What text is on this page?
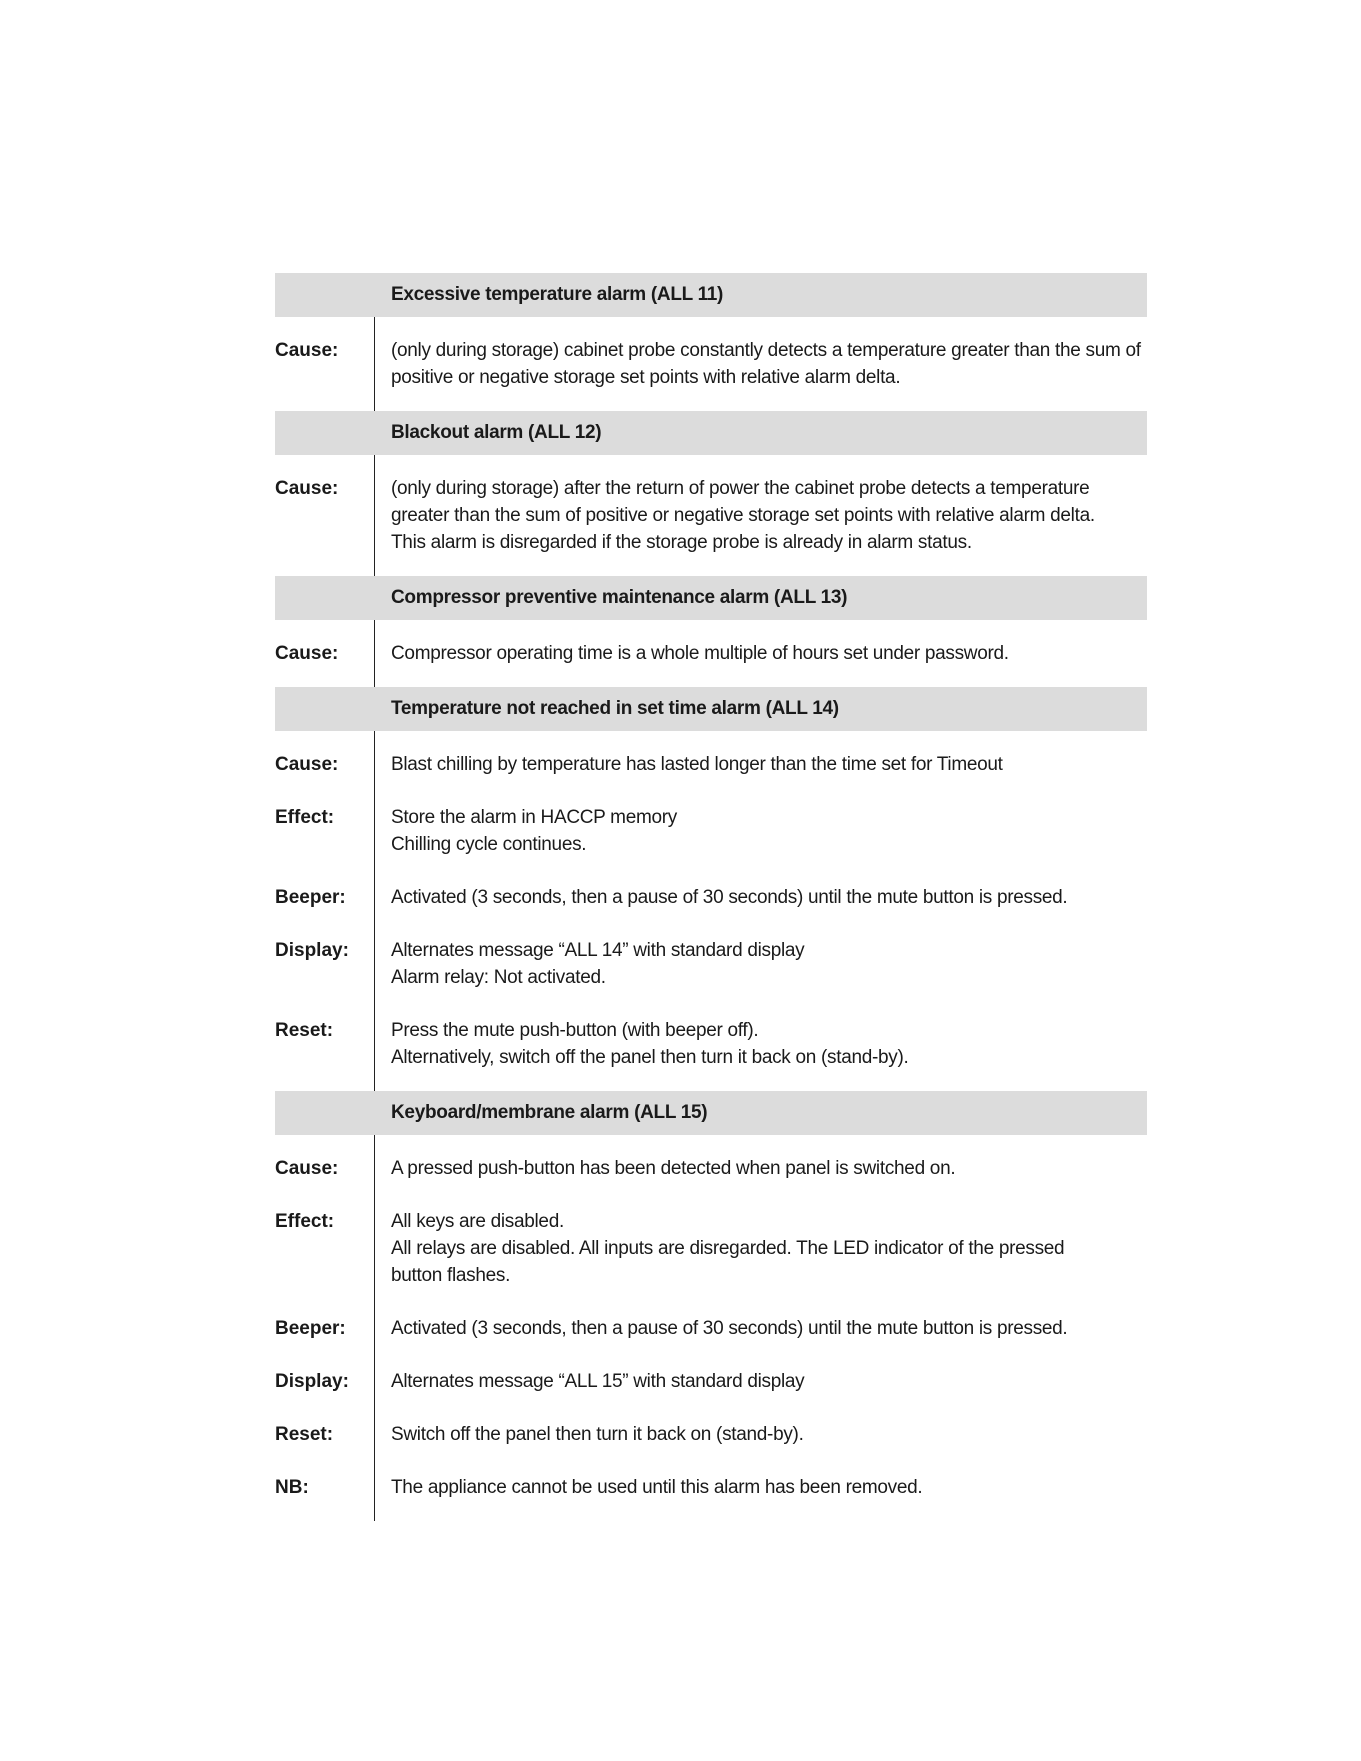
Excessive temperature alarm (ALL 11)
Cause:	(only during storage) cabinet probe constantly detects a temperature greater than the sum of
positive or negative storage set points with relative alarm delta.
Blackout alarm (ALL 12)
Cause:	(only during storage) after the return of power the cabinet probe detects a temperature
greater than the sum of positive or negative storage set points with relative alarm delta.
This alarm is disregarded if the storage probe is already in alarm status.
Compressor preventive maintenance alarm (ALL 13)
Cause:	Compressor operating time is a whole multiple of hours set under password.
Temperature not reached in set time alarm (ALL 14)
Cause:	Blast chilling by temperature has lasted longer than the time set for Timeout
Effect:	Store the alarm in HACCP memory
Chilling cycle continues.
Beeper:	Activated (3 seconds, then a pause of 30 seconds) until the mute button is pressed.
Display:	Alternates message “ALL 14” with standard display
Alarm relay: Not activated.
Reset:	Press the mute push-button (with beeper off).
Alternatively, switch off the panel then turn it back on (stand-by).
Keyboard/membrane alarm (ALL 15)
Cause:	A pressed push-button has been detected when panel is switched on.
Effect:	All keys are disabled.
All relays are disabled. All inputs are disregarded. The LED indicator of the pressed
button flashes.
Beeper:	Activated (3 seconds, then a pause of 30 seconds) until the mute button is pressed.
Display:	Alternates message “ALL 15” with standard display
Reset:	Switch off the panel then turn it back on (stand-by).
NB:	The appliance cannot be used until this alarm has been removed.
